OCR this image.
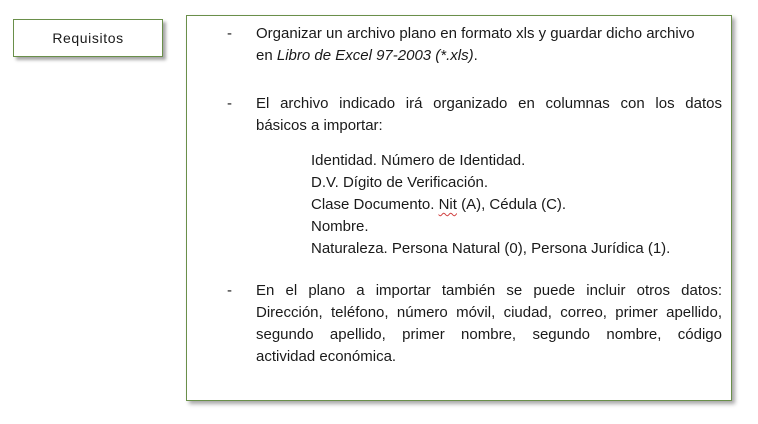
Requisitos	- Organizar un archivo plano en formato xls y guardar dicho archivo
en Libro de Excel 97-2003 (*.xls).
- El archivo indicado irá organizado en columnas con los datos
básicos a importar:
Identidad. Número de Identidad.
D.V. Dígito de Verificación.
Clase Documento. Nit (A), Cédula (C).
Nombre.
Naturaleza. Persona Natural (0), Persona Jurídica (1).
- En el plano a importar también se puede incluir otros datos:
Dirección, teléfono, número móvil, ciudad, correo, primer apellido,
segundo apellido, primer nombre, segundo nombre, código
actividad económica.
